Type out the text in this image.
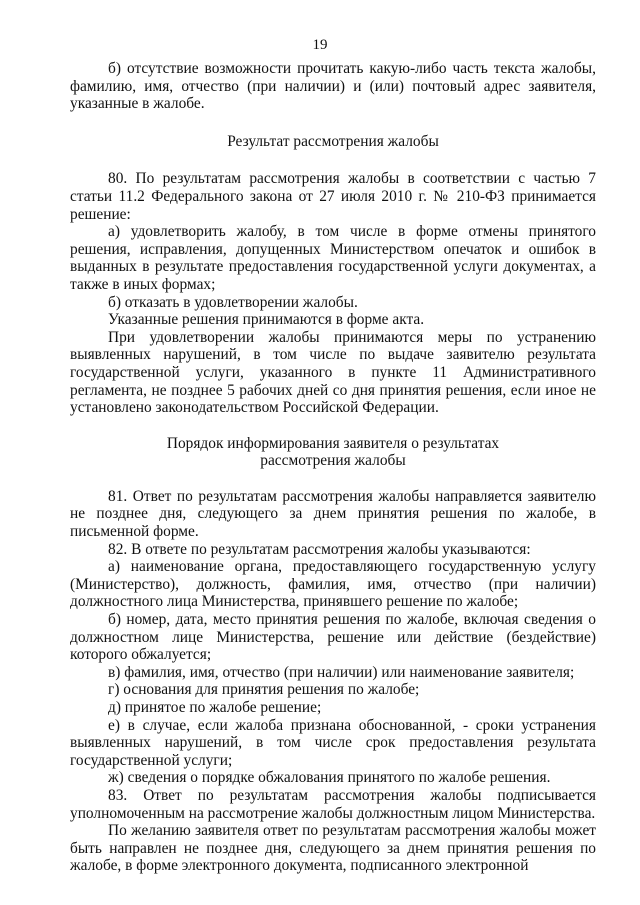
19

б) отсутствие возможности прочитать какую-либо часть текста жалобы, фамилию, имя, отчество (при наличии) и (или) почтовый адрес заявителя, указанные в жалобе.

Результат рассмотрения жалобы

80. По результатам рассмотрения жалобы в соответствии с частью 7 статьи 11.2 Федерального закона от 27 июля 2010 г. № 210-ФЗ принимается решение:

а) удовлетворить жалобу, в том числе в форме отмены принятого решения, исправления, допущенных Министерством опечаток и ошибок в выданных в результате предоставления государственной услуги документах, а также в иных формах;

б) отказать в удовлетворении жалобы.

Указанные решения принимаются в форме акта.

При удовлетворении жалобы принимаются меры по устранению выявленных нарушений, в том числе по выдаче заявителю результата государственной услуги, указанного в пункте 11 Административного регламента, не позднее 5 рабочих дней со дня принятия решения, если иное не установлено законодательством Российской Федерации.

Порядок информирования заявителя о результатах

рассмотрения жалобы

81. Ответ по результатам рассмотрения жалобы направляется заявителю не позднее дня, следующего за днем принятия решения по жалобе, в письменной форме.

82. В ответе по результатам рассмотрения жалобы указываются:

а) наименование органа, предоставляющего государственную услугу (Министерство), должность, фамилия, имя, отчество (при наличии) должностного лица Министерства, принявшего решение по жалобе;

б) номер, дата, место принятия решения по жалобе, включая сведения о должностном лице Министерства, решение или действие (бездействие) которого обжалуется;

в) фамилия, имя, отчество (при наличии) или наименование заявителя;

г) основания для принятия решения по жалобе;

д) принятое по жалобе решение;

е) в случае, если жалоба признана обоснованной, - сроки устранения выявленных нарушений, в том числе срок предоставления результата государственной услуги;

ж) сведения о порядке обжалования принятого по жалобе решения.

83. Ответ по результатам рассмотрения жалобы подписывается уполномоченным на рассмотрение жалобы должностным лицом Министерства.

По желанию заявителя ответ по результатам рассмотрения жалобы может быть направлен не позднее дня, следующего за днем принятия решения по жалобе, в форме электронного документа, подписанного электронной
